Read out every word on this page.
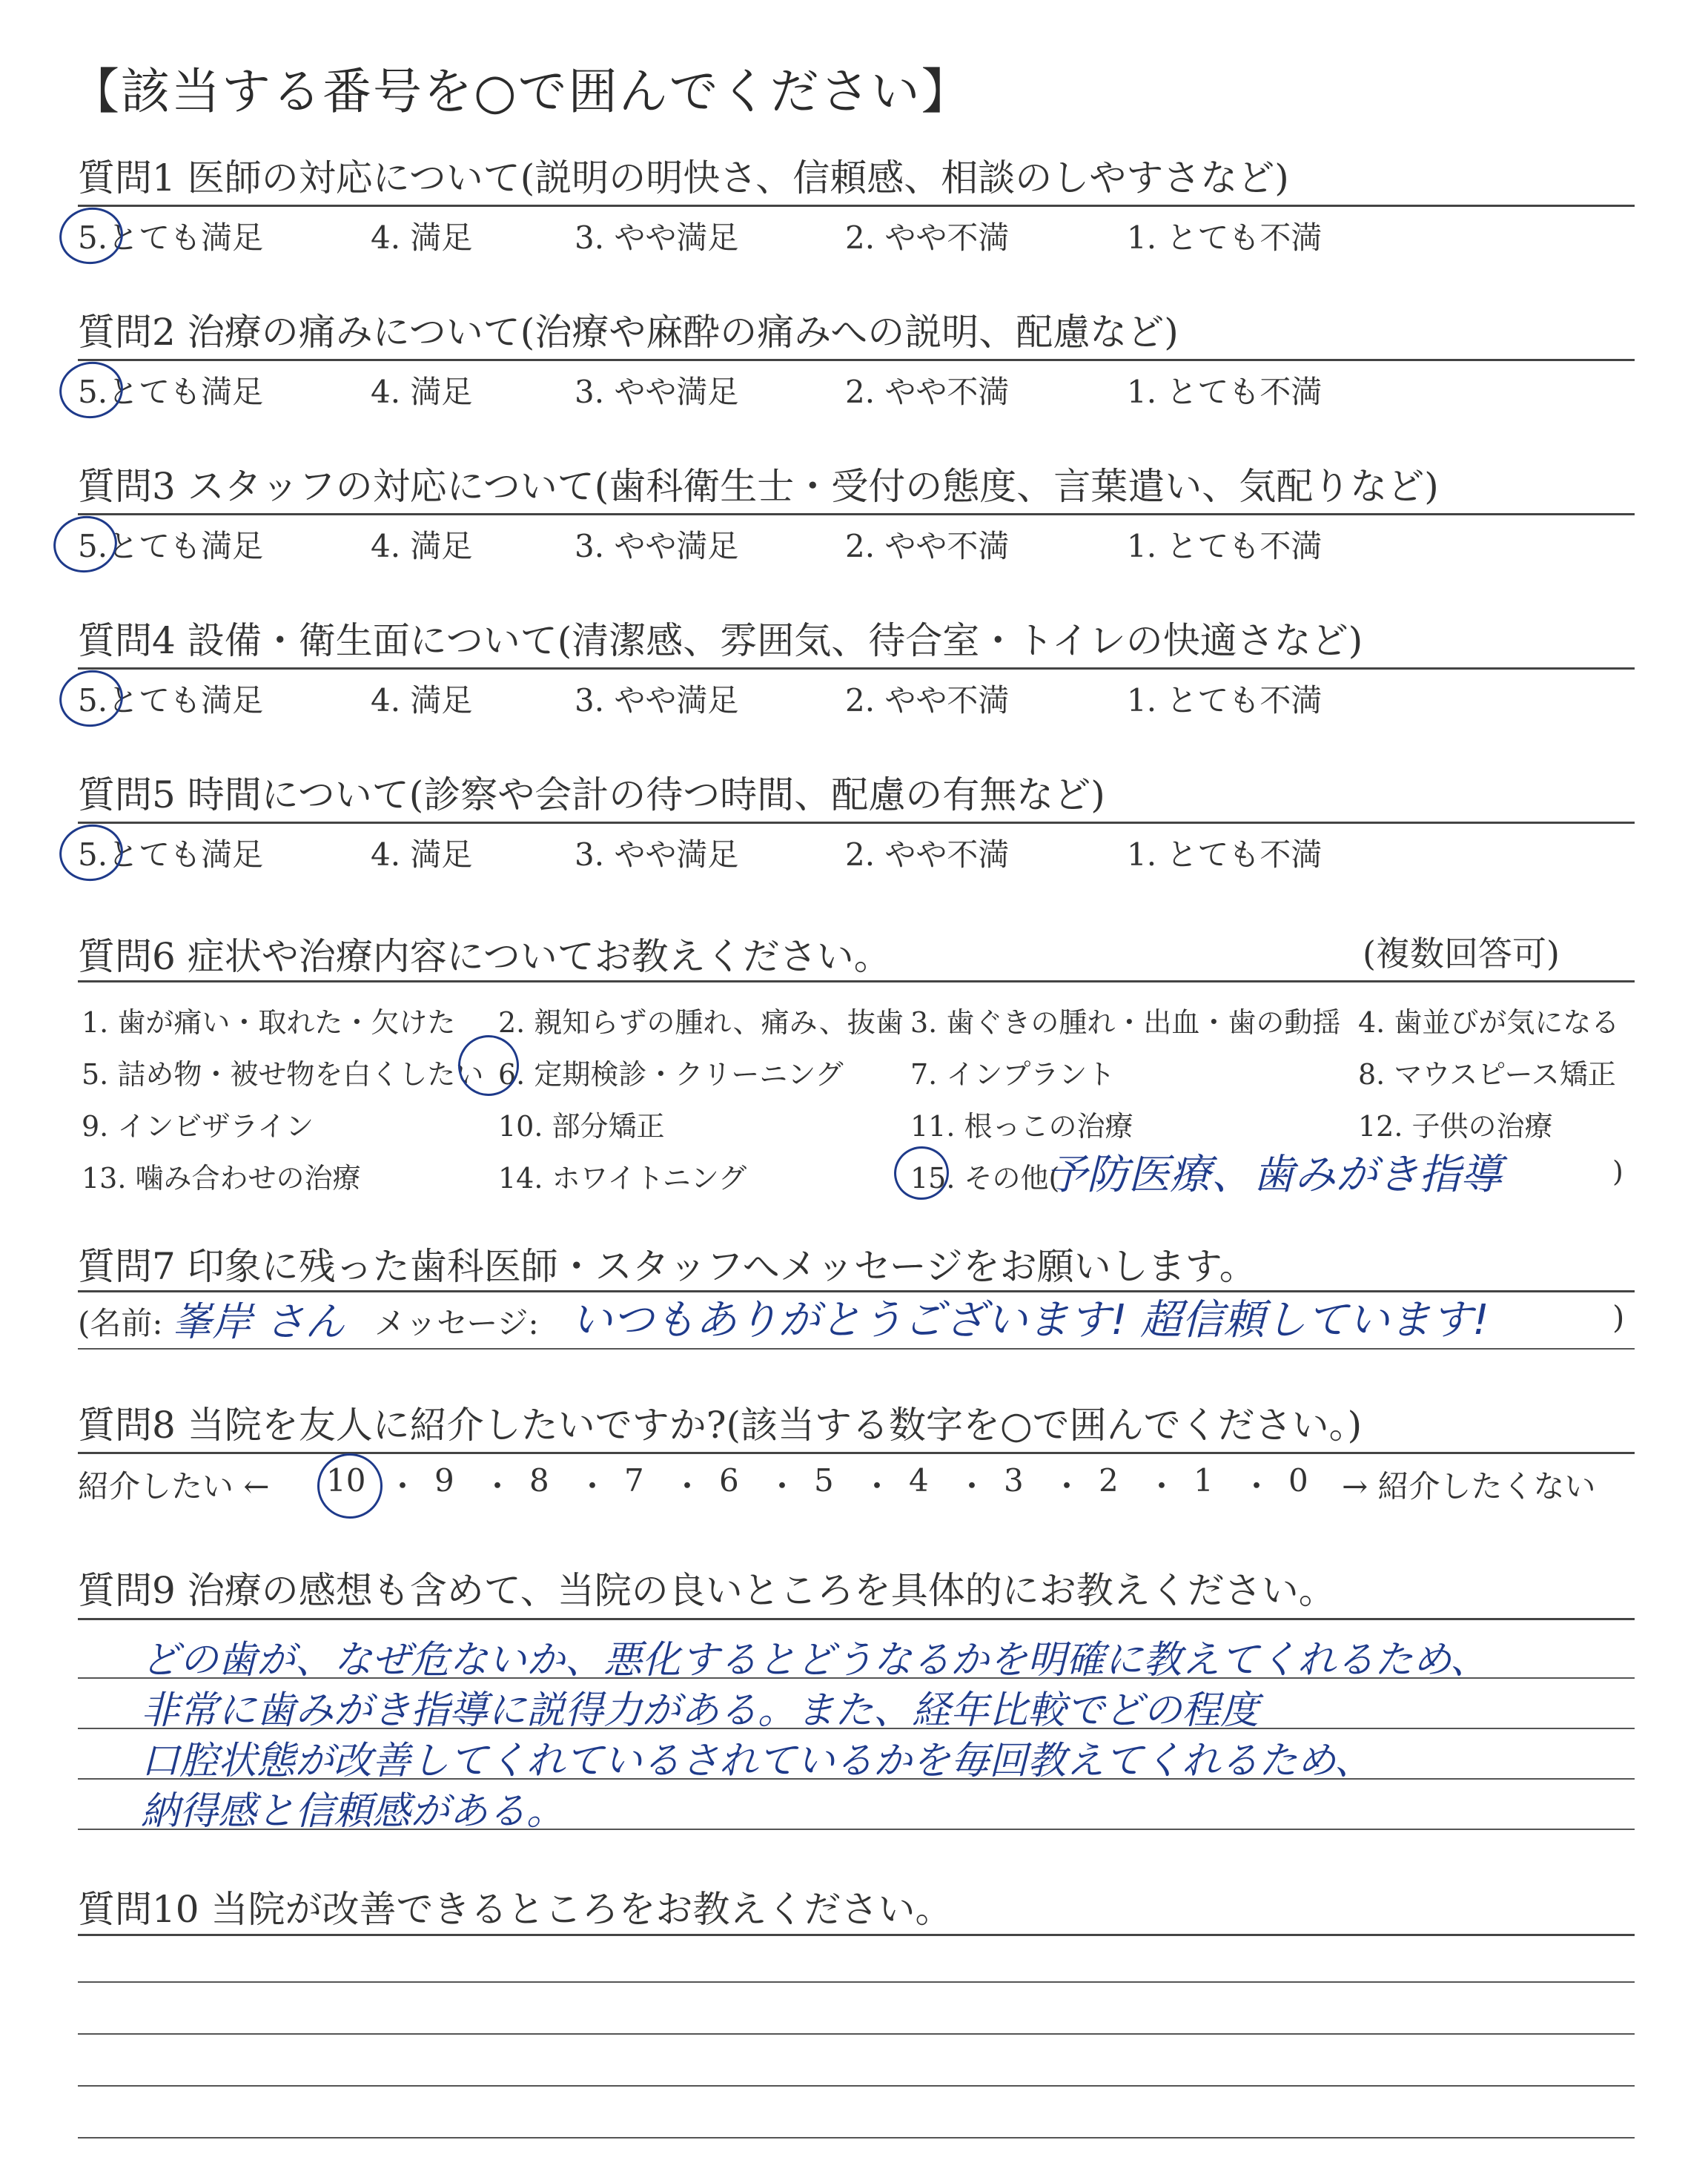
【該当する番号を○で囲んでください】
質問1 医師の対応について(説明の明快さ、信頼感、相談のしやすさなど)
5.とても満足	4. 満足	3. やや満足	2. やや不満	1. とても不満
質問2 治療の痛みについて(治療や麻酔の痛みへの説明、配慮など)
5.とても満足	4. 満足	3. やや満足	2. やや不満	1. とても不満
質問3 スタッフの対応について(歯科衛生士・受付の態度、言葉遣い、気配りなど)
5.とても満足	4. 満足	3. やや満足	2. やや不満	1. とても不満
質問4 設備・衛生面について(清潔感、雰囲気、待合室・トイレの快適さなど)
5.とても満足	4. 満足	3. やや満足	2. やや不満	1. とても不満
質問5 時間について(診察や会計の待つ時間、配慮の有無など)
5.とても満足	4. 満足	3. やや満足	2. やや不満	1. とても不満
質問6 症状や治療内容についてお教えください。	(複数回答可)
1. 歯が痛い・取れた・欠けた 2. 親知らずの腫れ、痛み、抜歯 3. 歯ぐきの腫れ・出血・歯の動揺 4. 歯並びが気になる
5. 詰め物・被せ物を白くしたい 6. 定期検診・クリーニング 7. インプラント	8. マウスピース矯正
9. インビザライン	10. 部分矯正	11. 根っこの治療	12. 子供の治療
13. 噛み合わせの治療	14. ホワイトニング	15. その他(	)
予防医療、歯みがき指導
質問7 印象に残った歯科医師・スタッフへメッセージをお願いします。
(名前: 峯岸 さん メッセージ: いつもありがとうございます! 超信頼しています!	)
質問8 当院を友人に紹介したいですか?(該当する数字を○で囲んでください。)
紹介したい ← 10 ・ 9 ・ 8 ・ 7 ・ 6 ・ 5 ・ 4 ・ 3 ・ 2 ・ 1 ・ 0 → 紹介したくない
質問9 治療の感想も含めて、当院の良いところを具体的にお教えください。
どの歯が、なぜ危ないか、悪化するとどうなるかを明確に教えてくれるため、
非常に歯みがき指導に説得力がある。また、経年比較でどの程度
口腔状態が改善してくれているされているかを毎回教えてくれるため、
納得感と信頼感がある。
質問10 当院が改善できるところをお教えください。
